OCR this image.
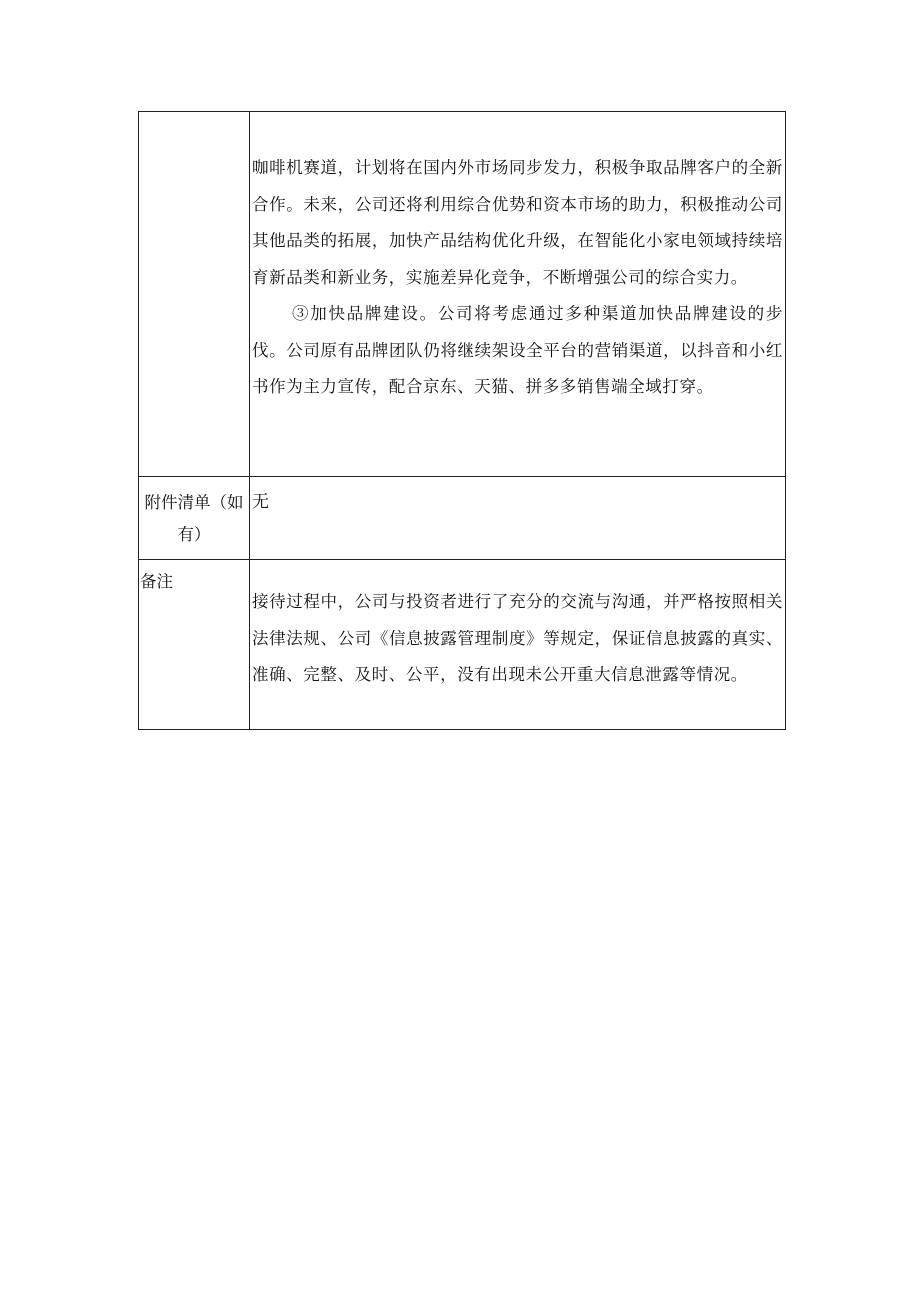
	咖啡机赛道，计划将在国内外市场同步发力，积极争取品牌客户的全新合作。未来，公司还将利用综合优势和资本市场的助力，积极推动公司其他品类的拓展，加快产品结构优化升级，在智能化小家电领域持续培育新品类和新业务，实施差异化竞争，不断增强公司的综合实力。

③加快品牌建设。公司将考虑通过多种渠道加快品牌建设的步伐。公司原有品牌团队仍将继续架设全平台的营销渠道，以抖音和小红书作为主力宣传，配合京东、天猫、拼多多销售端全域打穿。

附件清单（如有）	无
备注	接待过程中，公司与投资者进行了充分的交流与沟通，并严格按照相关法律法规、公司《信息披露管理制度》等规定，保证信息披露的真实、准确、完整、及时、公平，没有出现未公开重大信息泄露等情况。
